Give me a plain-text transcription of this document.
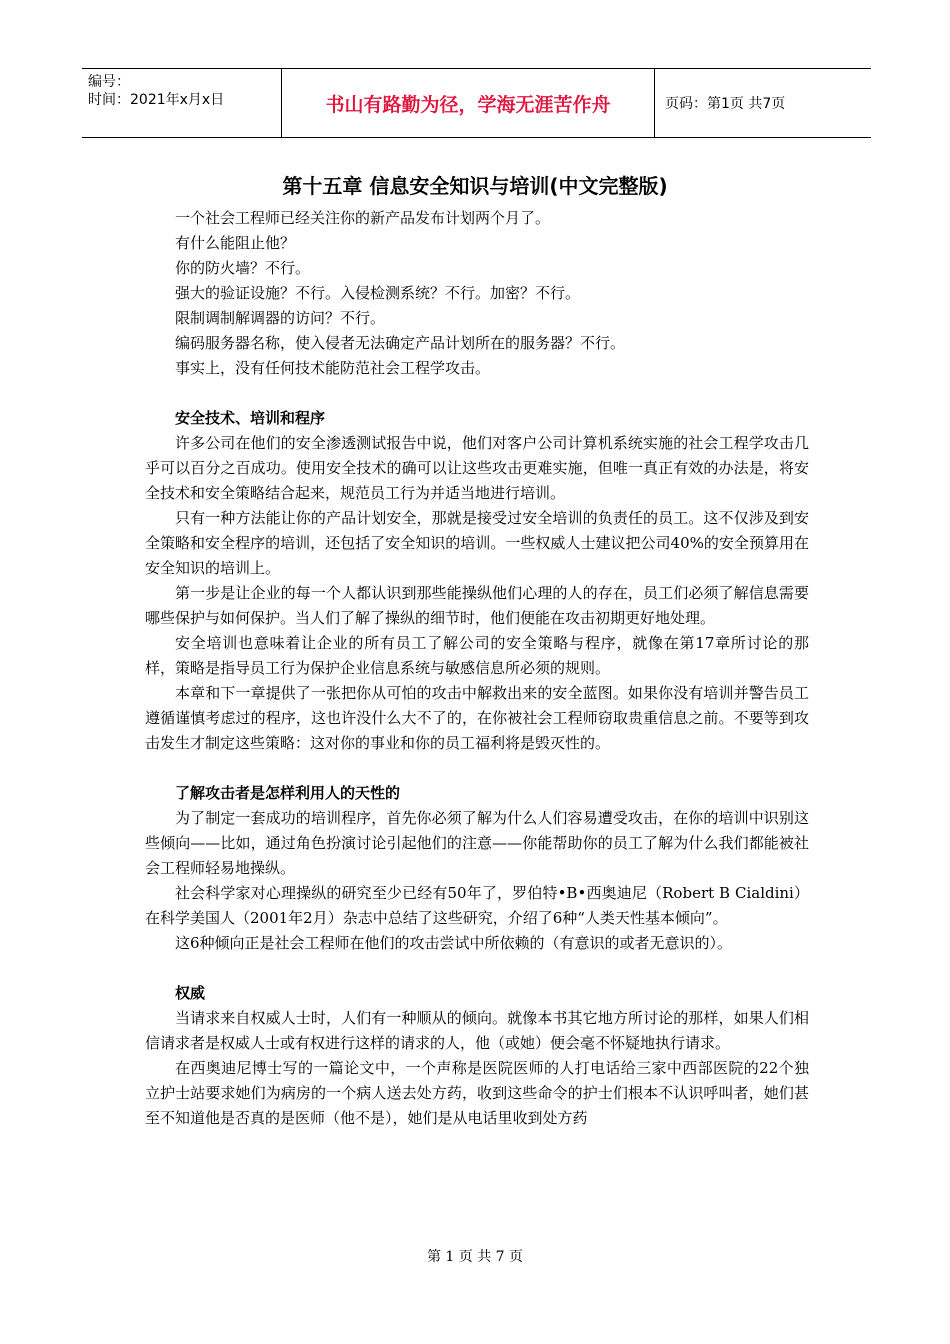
编号：
时间：2021年x月x日	书山有路勤为径，学海无涯苦作舟	页码：第1页 共7页
第十五章 信息安全知识与培训(中文完整版)

一个社会工程师已经关注你的新产品发布计划两个月了。

有什么能阻止他？

你的防火墙？不行。

强大的验证设施？不行。入侵检测系统？不行。加密？不行。

限制调制解调器的访问？不行。

编码服务器名称，使入侵者无法确定产品计划所在的服务器？不行。

事实上，没有任何技术能防范社会工程学攻击。

安全技术、培训和程序

许多公司在他们的安全渗透测试报告中说，他们对客户公司计算机系统实施的社会工程学攻击几乎可以百分之百成功。使用安全技术的确可以让这些攻击更难实施，但唯一真正有效的办法是，将安全技术和安全策略结合起来，规范员工行为并适当地进行培训。

只有一种方法能让你的产品计划安全，那就是接受过安全培训的负责任的员工。这不仅涉及到安全策略和安全程序的培训，还包括了安全知识的培训。一些权威人士建议把公司40%的安全预算用在安全知识的培训上。

第一步是让企业的每一个人都认识到那些能操纵他们心理的人的存在，员工们必须了解信息需要哪些保护与如何保护。当人们了解了操纵的细节时，他们便能在攻击初期更好地处理。

安全培训也意味着让企业的所有员工了解公司的安全策略与程序，就像在第17章所讨论的那样，策略是指导员工行为保护企业信息系统与敏感信息所必须的规则。

本章和下一章提供了一张把你从可怕的攻击中解救出来的安全蓝图。如果你没有培训并警告员工遵循谨慎考虑过的程序，这也许没什么大不了的，在你被社会工程师窃取贵重信息之前。不要等到攻击发生才制定这些策略：这对你的事业和你的员工福利将是毁灭性的。

了解攻击者是怎样利用人的天性的

为了制定一套成功的培训程序，首先你必须了解为什么人们容易遭受攻击，在你的培训中识别这些倾向——比如，通过角色扮演讨论引起他们的注意——你能帮助你的员工了解为什么我们都能被社会工程师轻易地操纵。

社会科学家对心理操纵的研究至少已经有50年了，罗伯特•B•西奥迪尼（Robert B Cialdini）在科学美国人（2001年2月）杂志中总结了这些研究，介绍了6种“人类天性基本倾向”。

这6种倾向正是社会工程师在他们的攻击尝试中所依赖的（有意识的或者无意识的）。

权威

当请求来自权威人士时，人们有一种顺从的倾向。就像本书其它地方所讨论的那样，如果人们相信请求者是权威人士或有权进行这样的请求的人，他（或她）便会毫不怀疑地执行请求。

在西奥迪尼博士写的一篇论文中，一个声称是医院医师的人打电话给三家中西部医院的22个独立护士站要求她们为病房的一个病人送去处方药，收到这些命令的护士们根本不认识呼叫者，她们甚至不知道他是否真的是医师（他不是），她们是从电话里收到处方药

第 1 页 共 7 页
